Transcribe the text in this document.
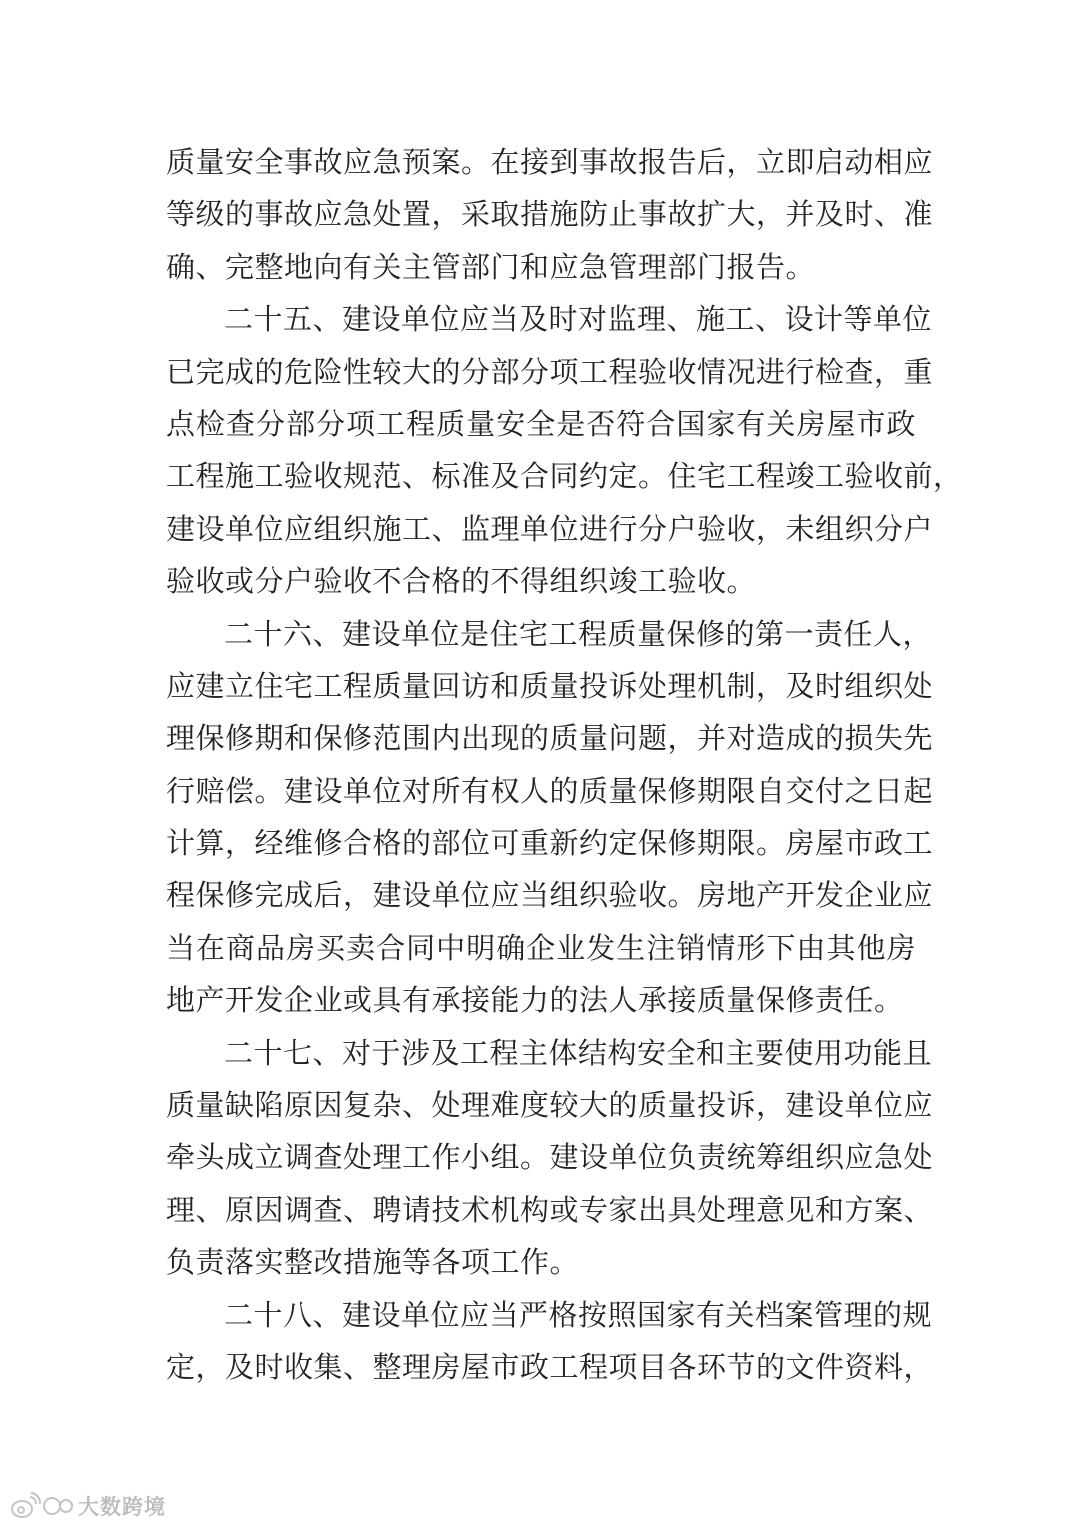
质量安全事故应急预案。在接到事故报告后，立即启动相应
等级的事故应急处置，采取措施防止事故扩大，并及时、准
确、完整地向有关主管部门和应急管理部门报告。
二十五、建设单位应当及时对监理、施工、设计等单位
已完成的危险性较大的分部分项工程验收情况进行检查，重
点检查分部分项工程质量安全是否符合国家有关房屋市政
工程施工验收规范、标准及合同约定。住宅工程竣工验收前，
建设单位应组织施工、监理单位进行分户验收，未组织分户
验收或分户验收不合格的不得组织竣工验收。
二十六、建设单位是住宅工程质量保修的第一责任人，
应建立住宅工程质量回访和质量投诉处理机制，及时组织处
理保修期和保修范围内出现的质量问题，并对造成的损失先
行赔偿。建设单位对所有权人的质量保修期限自交付之日起
计算，经维修合格的部位可重新约定保修期限。房屋市政工
程保修完成后，建设单位应当组织验收。房地产开发企业应
当在商品房买卖合同中明确企业发生注销情形下由其他房
地产开发企业或具有承接能力的法人承接质量保修责任。
二十七、对于涉及工程主体结构安全和主要使用功能且
质量缺陷原因复杂、处理难度较大的质量投诉，建设单位应
牵头成立调查处理工作小组。建设单位负责统筹组织应急处
理、原因调查、聘请技术机构或专家出具处理意见和方案、
负责落实整改措施等各项工作。
二十八、建设单位应当严格按照国家有关档案管理的规
定，及时收集、整理房屋市政工程项目各环节的文件资料，
大数跨境
